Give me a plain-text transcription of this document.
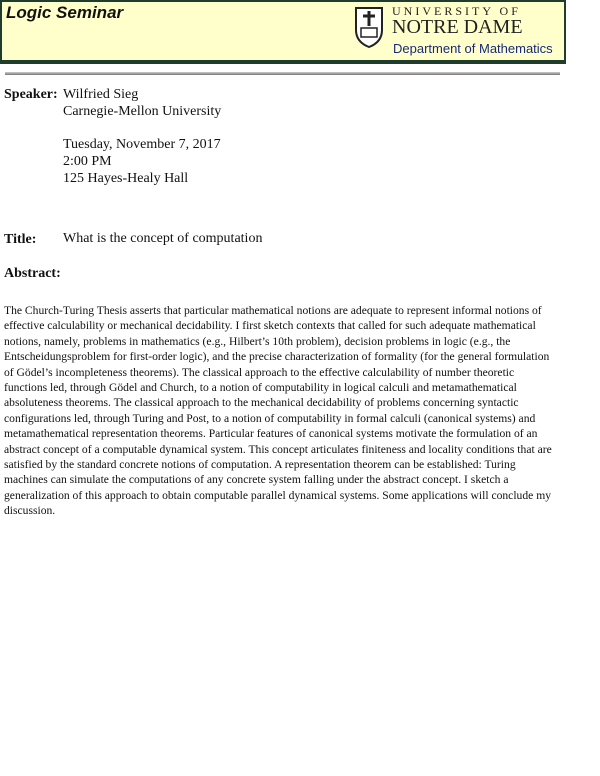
Logic Seminar	UNIVERSITY OF
NOTRE DAME
Department of Mathematics
Speaker: Wilfried Sieg
Carnegie-Mellon University
Tuesday, November 7, 2017
2:00 PM
125 Hayes-Healy Hall
Title: What is the concept of computation
Abstract:
The Church-Turing Thesis asserts that particular mathematical notions are adequate to represent informal notions of
effective calculability or mechanical decidability. I first sketch contexts that called for such adequate mathematical
notions, namely, problems in mathematics (e.g., Hilbert’s 10th problem), decision problems in logic (e.g., the
Entscheidungsproblem for first-order logic), and the precise characterization of formality (for the general formulation
of Gödel’s incompleteness theorems). The classical approach to the effective calculability of number theoretic
functions led, through Gödel and Church, to a notion of computability in logical calculi and metamathematical
absoluteness theorems. The classical approach to the mechanical decidability of problems concerning syntactic
configurations led, through Turing and Post, to a notion of computability in formal calculi (canonical systems) and
metamathematical representation theorems. Particular features of canonical systems motivate the formulation of an
abstract concept of a computable dynamical system. This concept articulates finiteness and locality conditions that are
satisfied by the standard concrete notions of computation. A representation theorem can be established: Turing
machines can simulate the computations of any concrete system falling under the abstract concept. I sketch a
generalization of this approach to obtain computable parallel dynamical systems. Some applications will conclude my
discussion.
